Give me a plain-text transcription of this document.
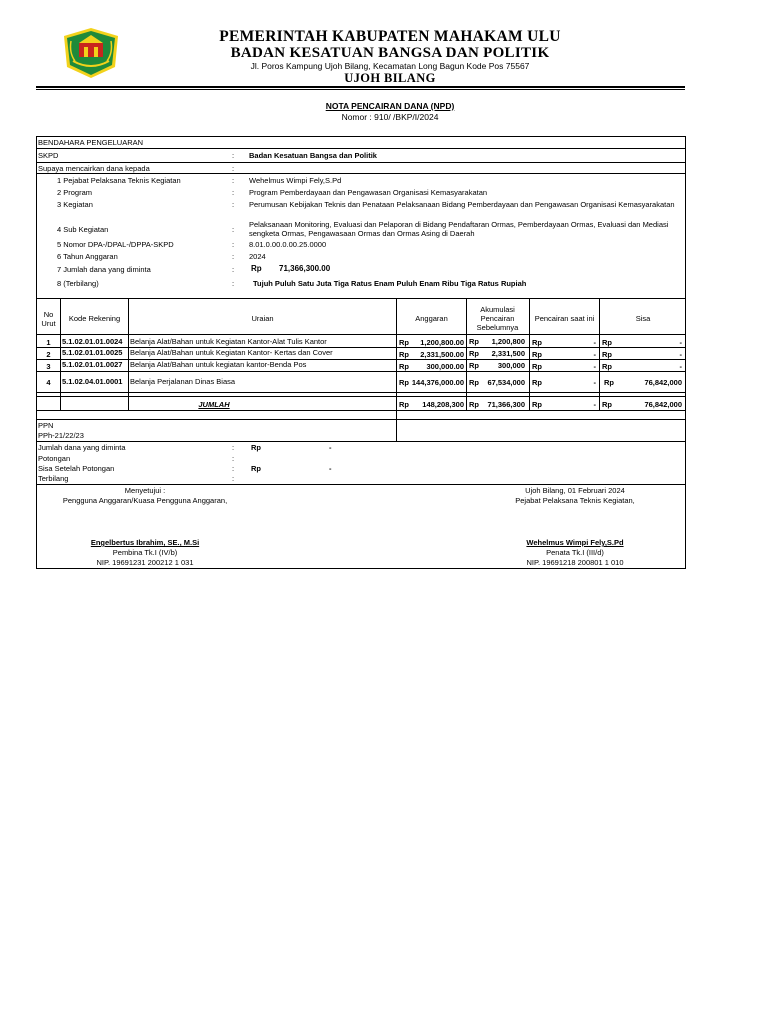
PEMERINTAH KABUPATEN MAHAKAM ULU
BADAN KESATUAN BANGSA DAN POLITIK
Jl. Poros Kampung Ujoh Bilang, Kecamatan Long Bagun Kode Pos 75567
UJOH BILANG
NOTA PENCAIRAN DANA (NPD)
Nomor : 910/ /BKP/I/2024
BENDAHARA PENGELUARAN
SKPD	: Badan Kesatuan Bangsa dan Politik
Supaya mencairkan dana kepada	:
1 Pejabat Pelaksana Teknis Kegiatan	: Wehelmus Wimpi Fely,S.Pd
2 Program	: Program Pemberdayaan dan Pengawasan Organisasi Kemasyarakatan
3 Kegiatan	: Perumusan Kebijakan Teknis dan Penataan Pelaksanaan Bidang Pemberdayaan dan Pengawasan Organisasi Kemasyarakatan
4 Sub Kegiatan	:
Pelaksanaan Monitoring, Evaluasi dan Pelaporan di Bidang Pendaftaran Ormas, Pemberdayaan Ormas, Evaluasi dan Mediasi sengketa Ormas, Pengawasaan Ormas dan Ormas Asing di Daerah
5 Nomor DPA-/DPAL-/DPPA-SKPD	: 8.01.0.00.0.00.25.0000
6 Tahun Anggaran	: 2024
7 Jumlah dana yang diminta	: Rp 71,366,300.00
8 (Terbilang)	:	Tujuh Puluh Satu Juta Tiga Ratus Enam Puluh Enam Ribu Tiga Ratus Rupiah
No Urut
Kode Rekening	Uraian	Anggaran
Akumulasi Pencairan Sebelumnya
Pencairan saat ini	Sisa
1	5.1.02.01.01.0024 Belanja Alat/Bahan untuk Kegiatan Kantor-Alat Tulis Kantor	Rp	1,200,800.00 Rp	1,200,800 Rp	- Rp	-
2	5.1.02.01.01.0025 Belanja Alat/Bahan untuk Kegiatan Kantor- Kertas dan Cover	Rp	2,331,500.00 Rp	2,331,500 Rp	- Rp	-
3	5.1.02.01.01.0027 Belanja Alat/Bahan untuk kegiatan kantor-Benda Pos	Rp	300,000.00 Rp	300,000 Rp	- Rp	-
4	5.1.02.04.01.0001 Belanja Perjalanan Dinas Biasa	Rp 144,376,000.00 Rp	67,534,000 Rp	- Rp	76,842,000
JUMLAH	Rp	148,208,300 Rp	71,366,300 Rp	- Rp	76,842,000
PPN
PPh-21/22/23
Jumlah dana yang diminta	: Rp	-
Potongan	:
Sisa Setelah Potongan	: Rp	-
Terbilang	:
Menyetujui :
Pengguna Anggaran/Kuasa Pengguna Anggaran,
Engelbertus Ibrahim, SE., M.Si
Pembina Tk.I (IV/b)
NIP. 19691231 200212 1 031
Ujoh Bilang, 01 Februari 2024
Pejabat Pelaksana Teknis Kegiatan,
Wehelmus Wimpi Fely,S.Pd
Penata Tk.I (III/d)
NIP. 19691218 200801 1 010
